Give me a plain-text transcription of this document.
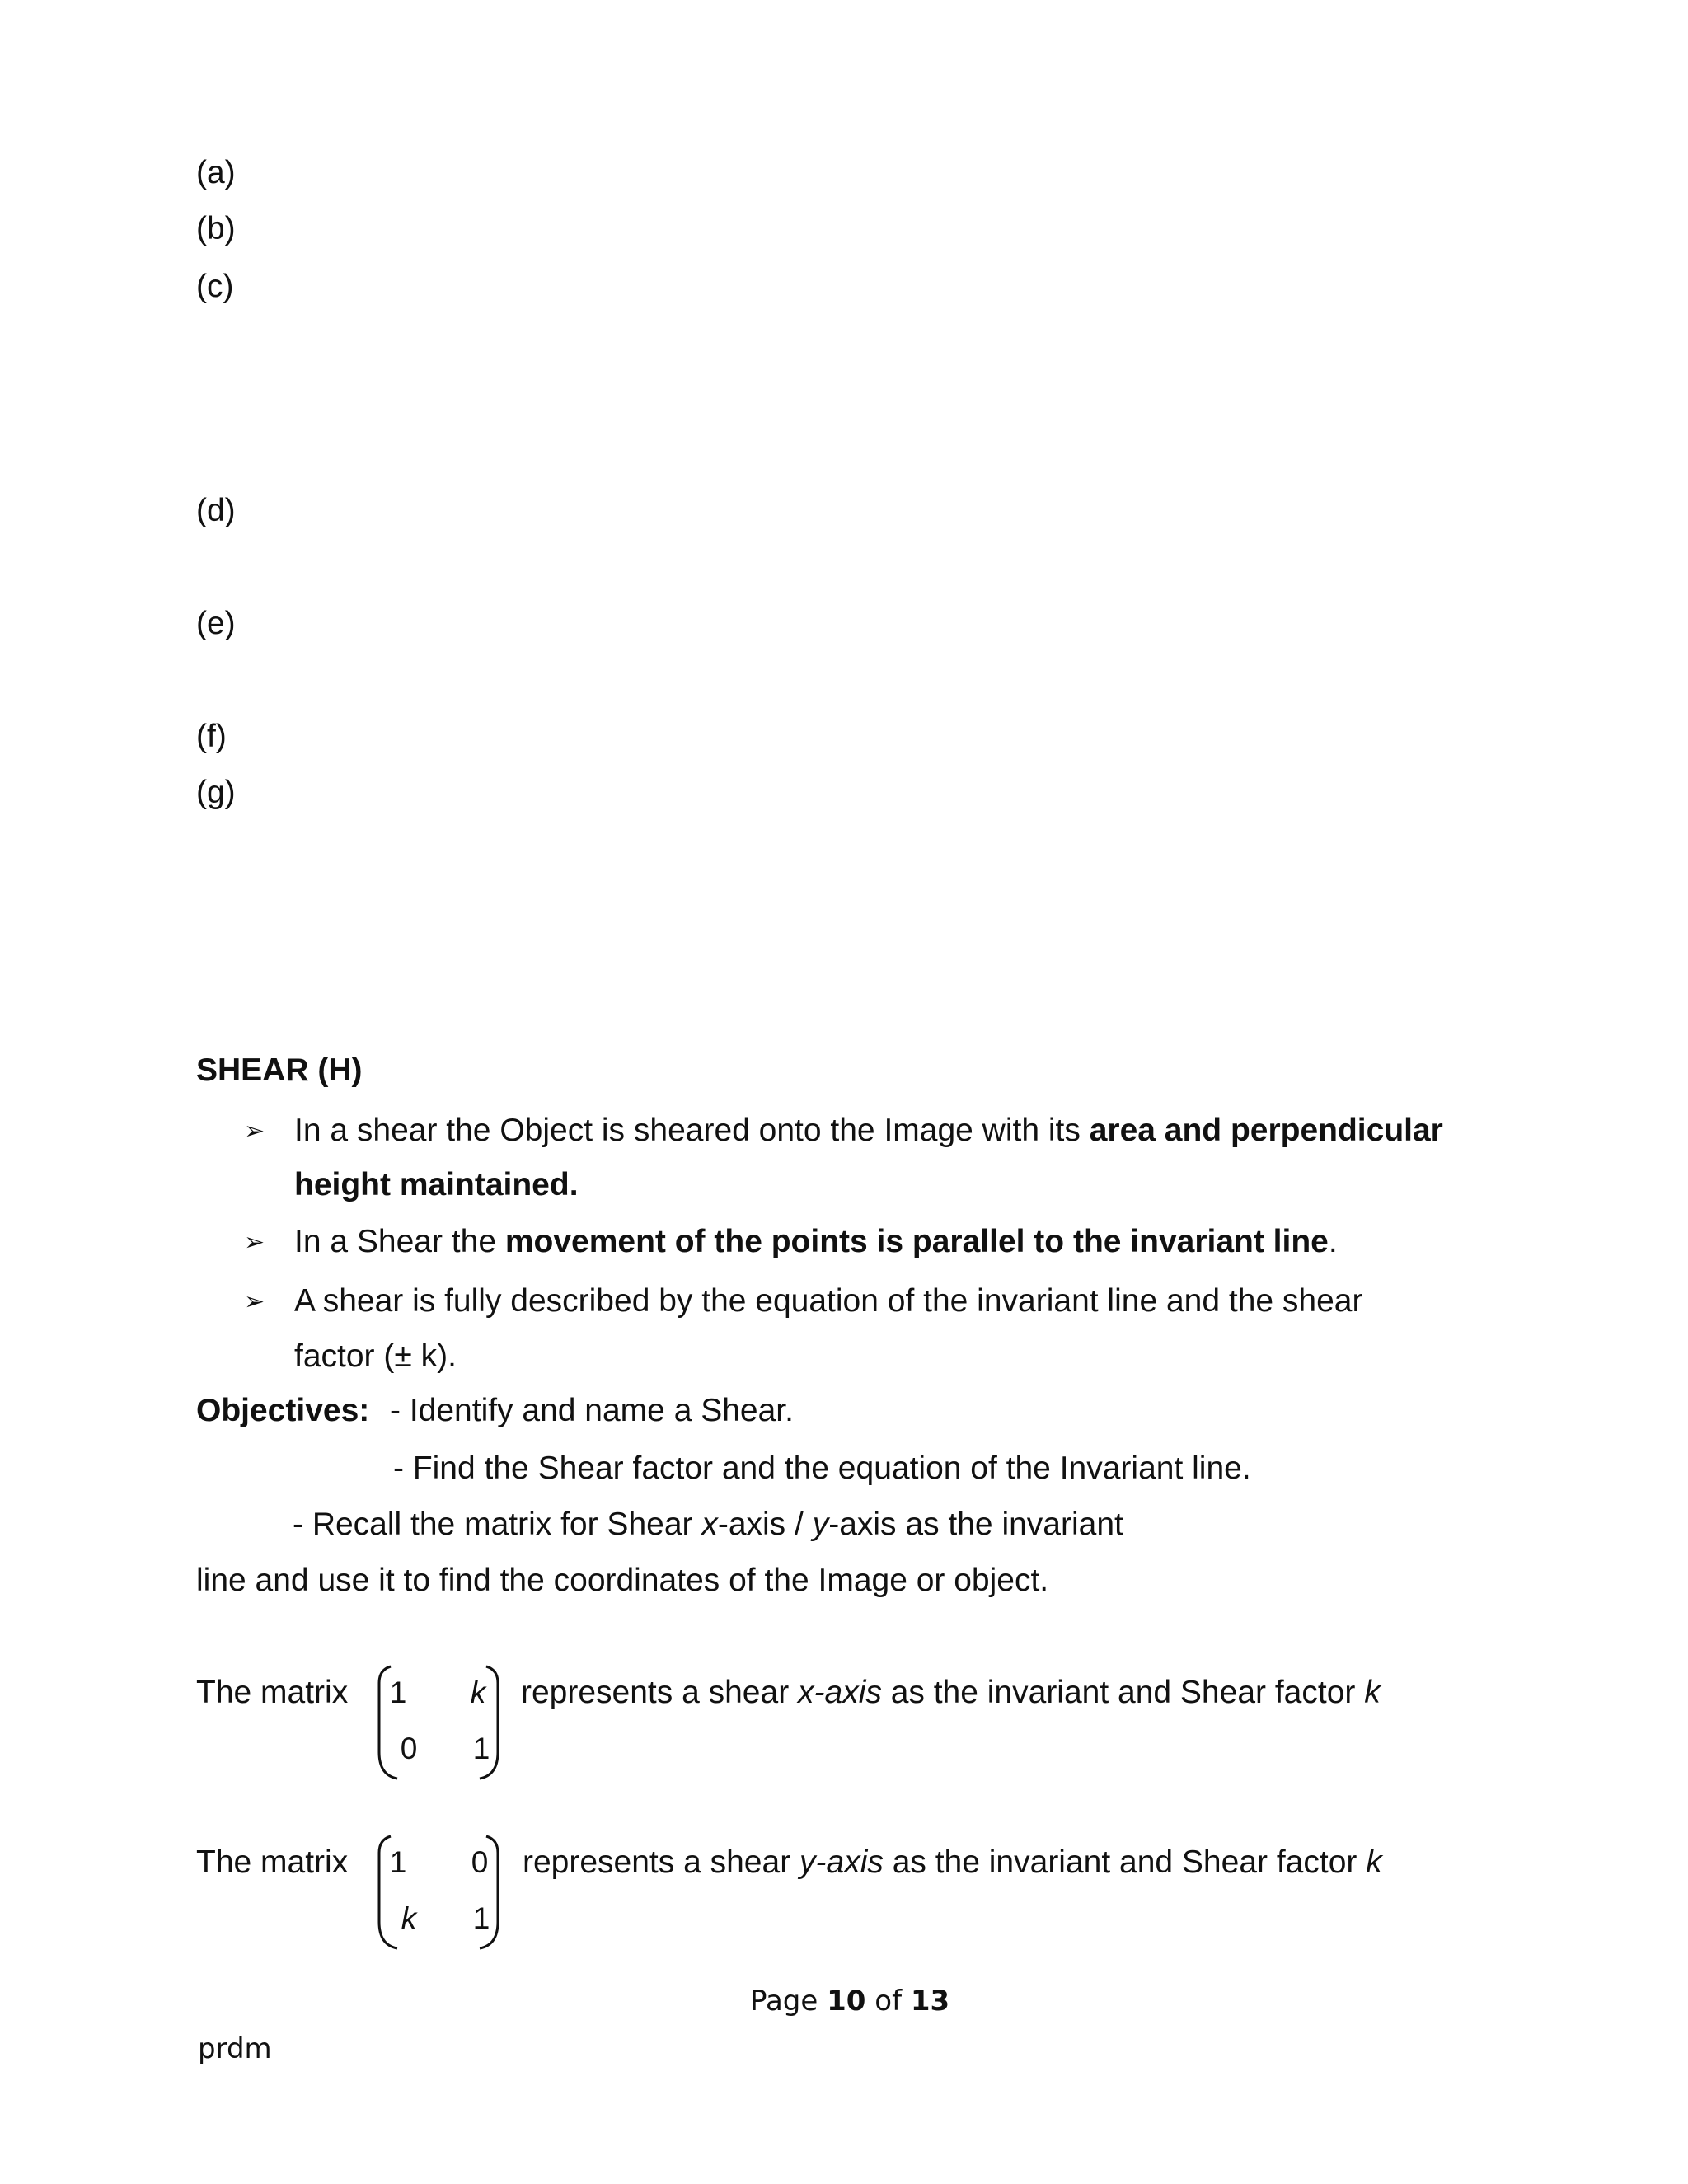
(a)
(b)
(c)
(d)
(e)
(f)
(g)
SHEAR (H)
➢ In a shear the Object is sheared onto the Image with its area and perpendicular
height maintained.
➢ In a Shear the movement of the points is parallel to the invariant line.
➢ A shear is fully described by the equation of the invariant line and the shear
factor (± k).
Objectives: - Identify and name a Shear.
- Find the Shear factor and the equation of the Invariant line.
- Recall the matrix for Shear x-axis / y-axis as the invariant
line and use it to find the coordinates of the Image or object.
The matrix 1 k
0 1
represents a shear x-axis as the invariant and Shear factor k
The matrix 1 0
k 1
represents a shear y-axis as the invariant and Shear factor k
Page 10 of 13
prdm
